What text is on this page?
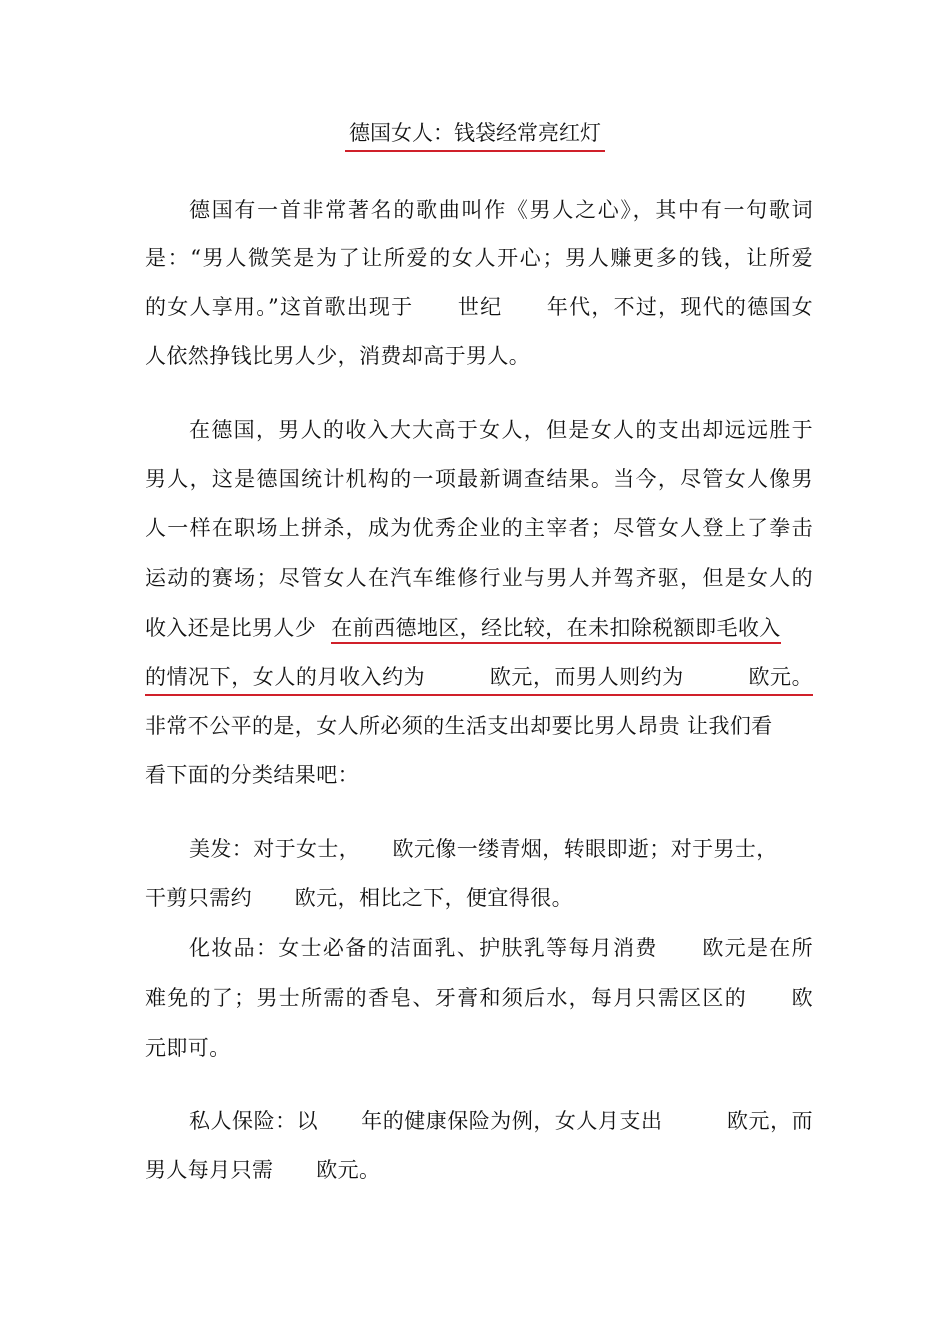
德国女人：钱袋经常亮红灯
德国有一首非常著名的歌曲叫作《男人之心》，其中有一句歌词
是：“男人微笑是为了让所爱的女人开心；男人赚更多的钱，让所爱
的女人享用。”这首歌出现于　　世纪　　年代，不过，现代的德国女
人依然挣钱比男人少，消费却高于男人。
在德国，男人的收入大大高于女人，但是女人的支出却远远胜于
男人，这是德国统计机构的一项最新调查结果。当今，尽管女人像男
人一样在职场上拼杀，成为优秀企业的主宰者；尽管女人登上了拳击
运动的赛场；尽管女人在汽车维修行业与男人并驾齐驱，但是女人的
收入还是比男人少 在前西德地区，经比较，在未扣除税额即毛收入
的情况下，女人的月收入约为　　　欧元，而男人则约为　　　欧元。
非常不公平的是，女人所必须的生活支出却要比男人昂贵 让我们看
看下面的分类结果吧：
美发：对于女士，　　欧元像一缕青烟，转眼即逝；对于男士，
干剪只需约　　欧元，相比之下，便宜得很。
化妆品：女士必备的洁面乳、护肤乳等每月消费　　欧元是在所
难免的了；男士所需的香皂、牙膏和须后水，每月只需区区的　　欧
元即可。
私人保险：以　　年的健康保险为例，女人月支出　　　欧元，而
男人每月只需　　欧元。
